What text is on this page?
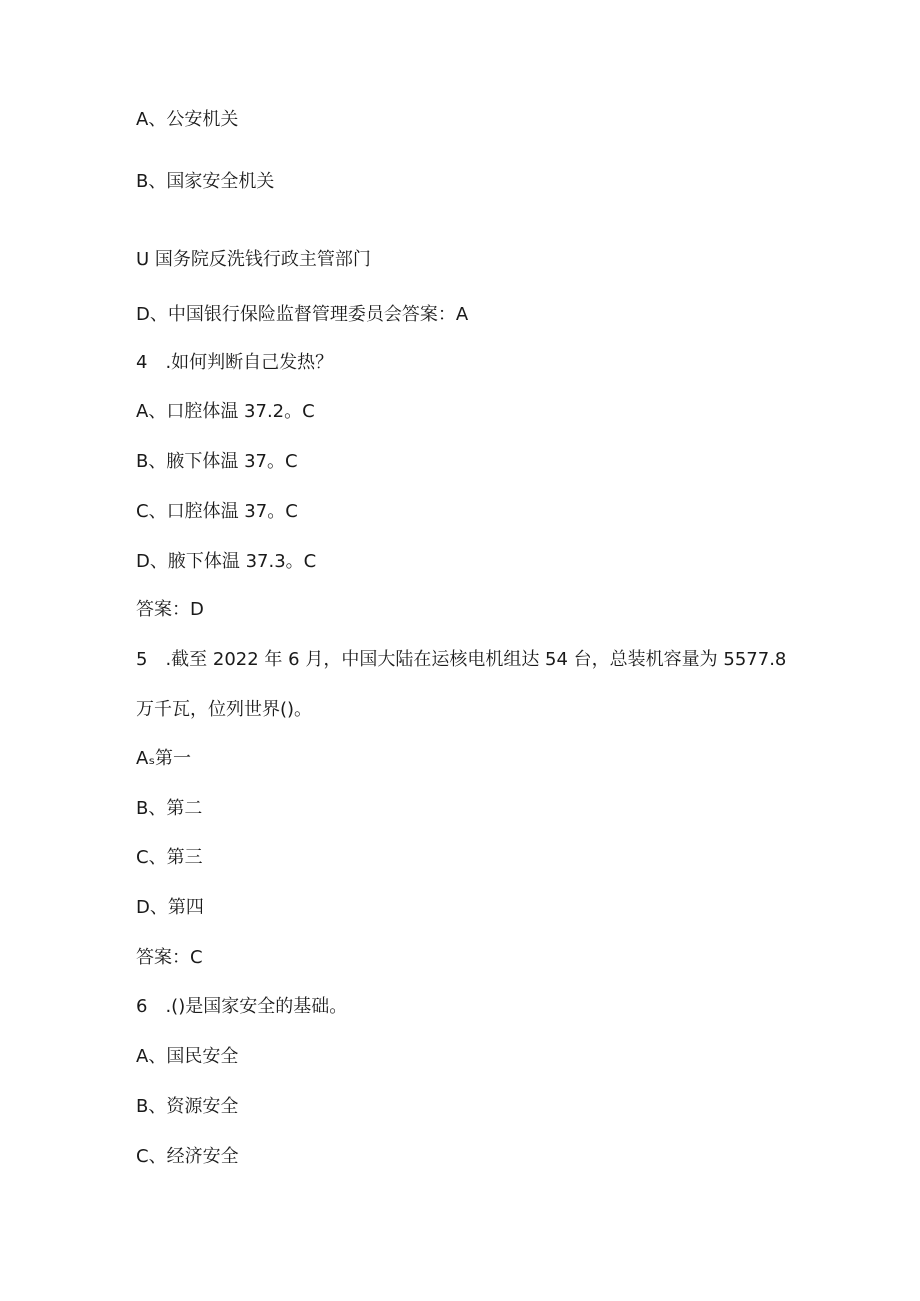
A、公安机关
B、国家安全机关
U 国务院反洗钱行政主管部门
D、中国银行保险监督管理委员会答案：A
4　.如何判断自己发热？
A、口腔体温 37.2。C
B、腋下体温 37。C
C、口腔体温 37。C
D、腋下体温 37.3。C
答案：D
5　.截至 2022 年 6 月，中国大陆在运核电机组达 54 台，总装机容量为 5577.8
万千瓦，位列世界()。
Aₛ第一
B、第二
C、第三
D、第四
答案：C
6　.()是国家安全的基础。
A、国民安全
B、资源安全
C、经济安全
